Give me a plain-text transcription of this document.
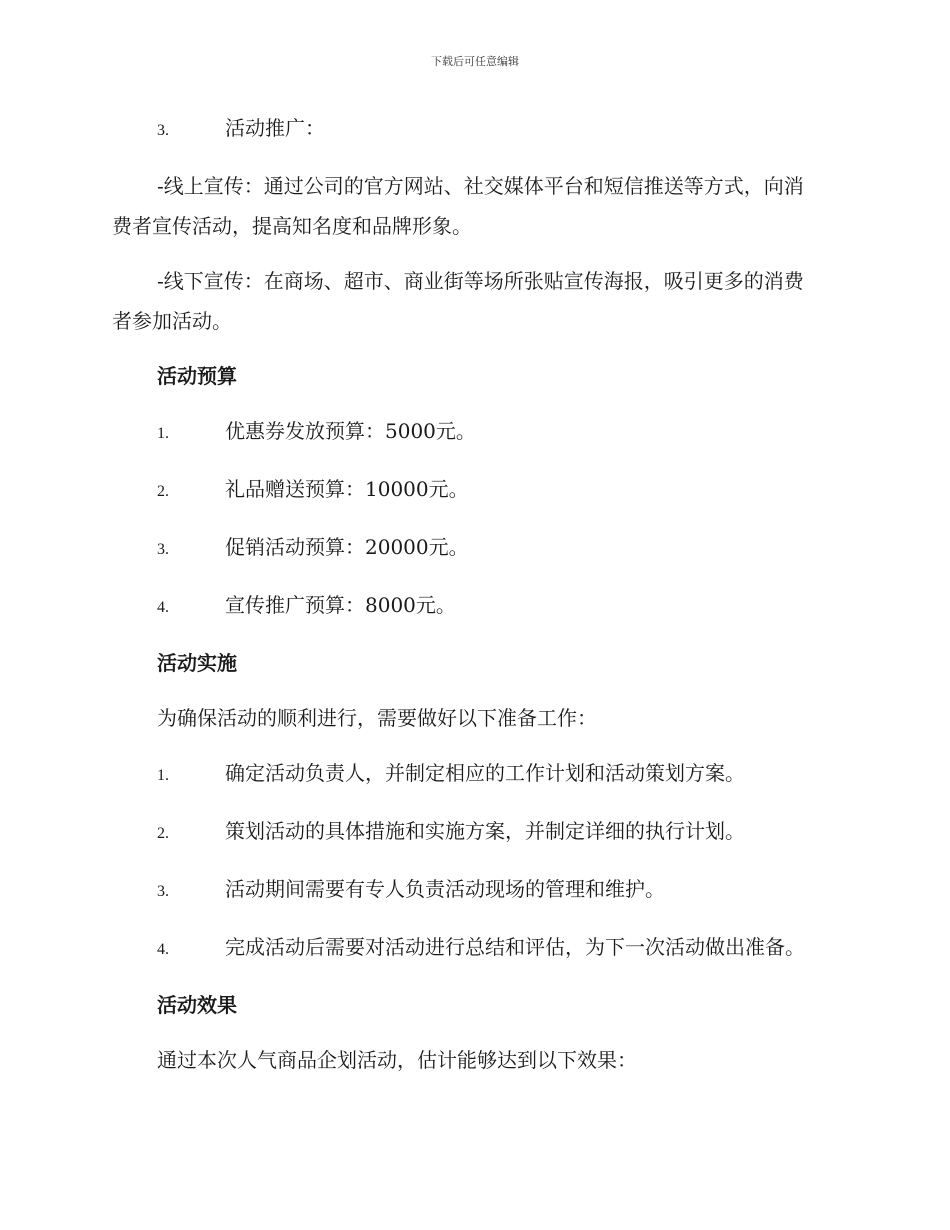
下载后可任意编辑
3.	活动推广：
-线上宣传：通过公司的官方网站、社交媒体平台和短信推送等方式，向消费者宣传活动，提高知名度和品牌形象。
-线下宣传：在商场、超市、商业街等场所张贴宣传海报，吸引更多的消费者参加活动。
活动预算
1.	优惠券发放预算：5000元。
2.	礼品赠送预算：10000元。
3.	促销活动预算：20000元。
4.	宣传推广预算：8000元。
活动实施
为确保活动的顺利进行，需要做好以下准备工作：
1.	确定活动负责人，并制定相应的工作计划和活动策划方案。
2.	策划活动的具体措施和实施方案，并制定详细的执行计划。
3.	活动期间需要有专人负责活动现场的管理和维护。
4.	完成活动后需要对活动进行总结和评估，为下一次活动做出准备。
活动效果
通过本次人气商品企划活动，估计能够达到以下效果：
